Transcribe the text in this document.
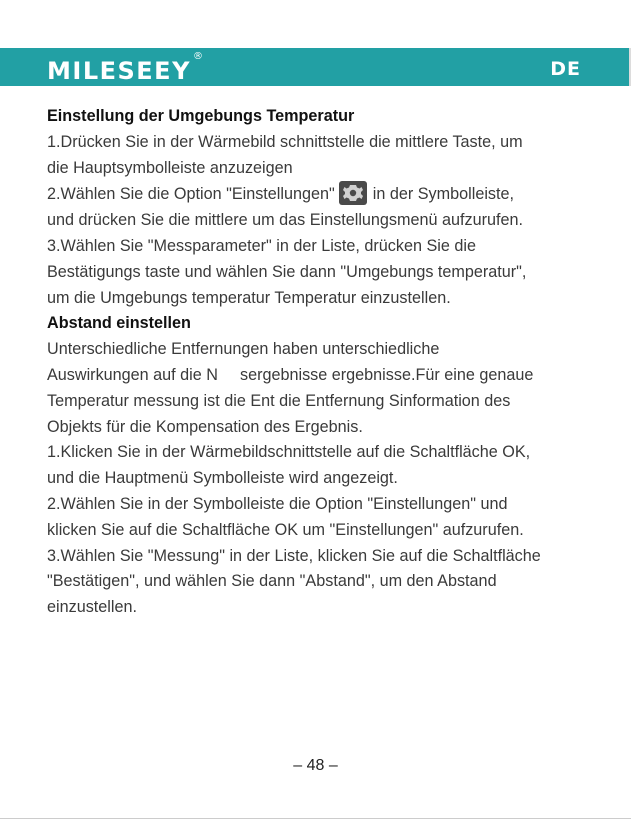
MILESEEY®
DE

Einstellung der Umgebungs Temperatur

1.Drücken Sie in der Wärmebild schnittstelle die mittlere Taste, um

die Hauptsymbolleiste anzuzeigen

2.Wählen Sie die Option "Einstellungen" in der Symbolleiste,

und drücken Sie die mittlere um das Einstellungsmenü aufzurufen.

3.Wählen Sie "Messparameter" in der Liste, drücken Sie die

Bestätigungs taste und wählen Sie dann "Umgebungs temperatur",

um die Umgebungs temperatur Temperatur einzustellen.

Abstand einstellen

Unterschiedliche Entfernungen haben unterschiedliche

Auswirkungen auf die N sergebnisse ergebnisse.Für eine genaue

Temperatur messung ist die Ent die Entfernung Sinformation des

Objekts für die Kompensation des Ergebnis.

1.Klicken Sie in der Wärmebildschnittstelle auf die Schaltfläche OK,

und die Hauptmenü Symbolleiste wird angezeigt.

2.Wählen Sie in der Symbolleiste die Option "Einstellungen" und

klicken Sie auf die Schaltfläche OK um "Einstellungen" aufzurufen.

3.Wählen Sie "Messung" in der Liste, klicken Sie auf die Schaltfläche

"Bestätigen", und wählen Sie dann "Abstand", um den Abstand

einzustellen.

– 48 –
